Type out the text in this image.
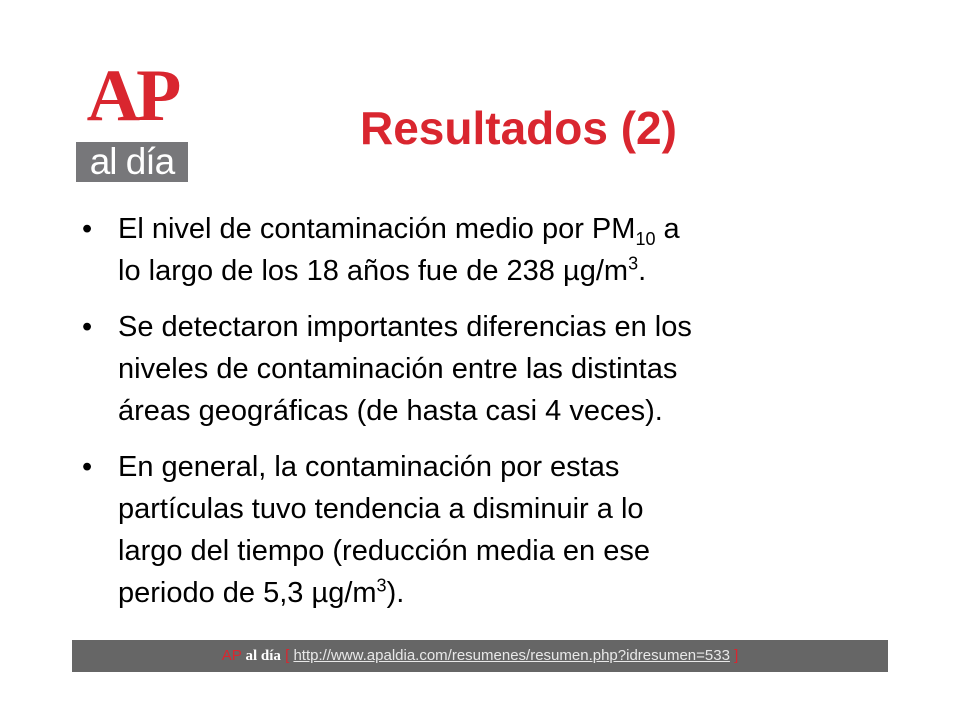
AP
al día
Resultados (2)
• El nivel de contaminación medio por $PM_{10}$ a
lo largo de los 18 años fue de 238 $\mu g/m^3$.
• Se detectaron importantes diferencias en los
niveles de contaminación entre las distintas
áreas geográficas (de hasta casi 4 veces).
• En general, la contaminación por estas
partículas tuvo tendencia a disminuir a lo
largo del tiempo (reducción media en ese
periodo de 5,3 $\mu g/m^3$).
AP al día [ http://www.apaldia.com/resumenes/resumen.php?idresumen=533 ]
